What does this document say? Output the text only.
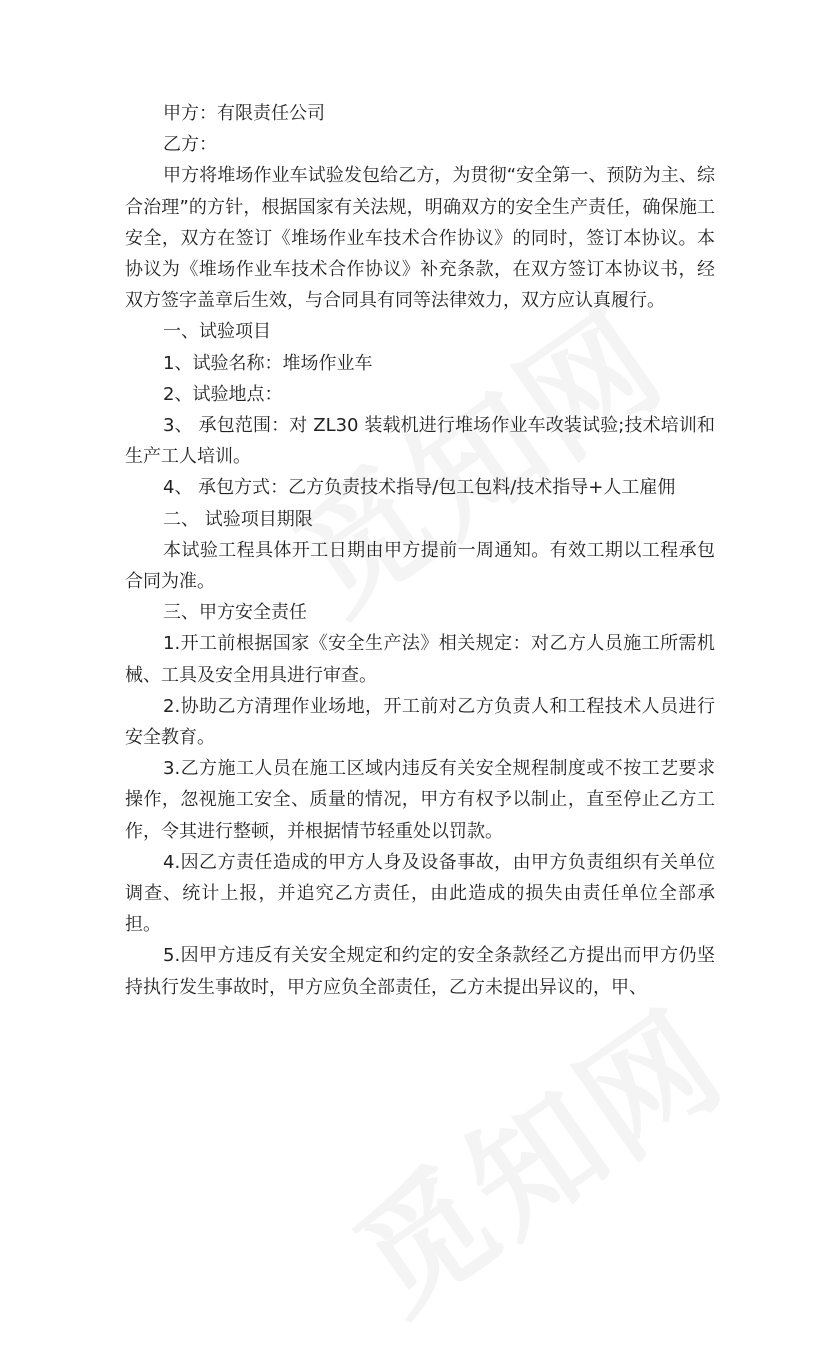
甲方：有限责任公司

乙方：

甲方将堆场作业车试验发包给乙方，为贯彻“安全第一、预防为主、综合治理”的方针，根据国家有关法规，明确双方的安全生产责任，确保施工安全，双方在签订《堆场作业车技术合作协议》的同时，签订本协议。本协议为《堆场作业车技术合作协议》补充条款，在双方签订本协议书，经双方签字盖章后生效，与合同具有同等法律效力，双方应认真履行。

一、试验项目

1、试验名称：堆场作业车

2、试验地点：

3、 承包范围：对 ZL30 装载机进行堆场作业车改装试验;技术培训和生产工人培训。

4、 承包方式：乙方负责技术指导/包工包料/技术指导+人工雇佣

二、 试验项目期限

本试验工程具体开工日期由甲方提前一周通知。有效工期以工程承包合同为准。

三、甲方安全责任

1.开工前根据国家《安全生产法》相关规定：对乙方人员施工所需机械、工具及安全用具进行审查。

2.协助乙方清理作业场地，开工前对乙方负责人和工程技术人员进行安全教育。

3.乙方施工人员在施工区域内违反有关安全规程制度或不按工艺要求操作，忽视施工安全、质量的情况，甲方有权予以制止，直至停止乙方工作，令其进行整顿，并根据情节轻重处以罚款。

4.因乙方责任造成的甲方人身及设备事故，由甲方负责组织有关单位调查、统计上报，并追究乙方责任，由此造成的损失由责任单位全部承担。

5.因甲方违反有关安全规定和约定的安全条款经乙方提出而甲方仍坚持执行发生事故时，甲方应负全部责任，乙方未提出异议的，甲、
